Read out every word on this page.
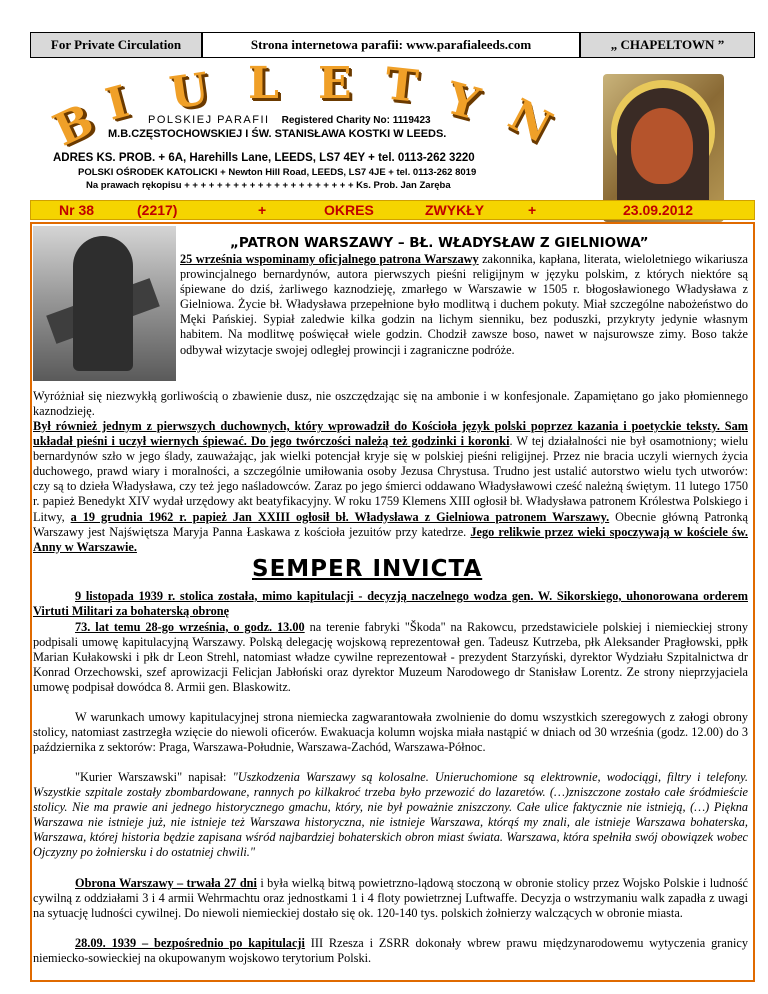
For Private Circulation	Strona internetowa parafii: www.parafialeeds.com	„ CHAPELTOWN ”
B I U L E T Y N
POLSKIEJ PARAFII Registered Charity No: 1119423
M.B.CZĘSTOCHOWSKIEJ I ŚW. STANISŁAWA KOSTKI W LEEDS.
ADRES KS. PROB. + 6A, Harehills Lane, LEEDS, LS7 4EY + tel. 0113-262 3220
POLSKI OŚRODEK KATOLICKI + Newton Hill Road, LEEDS, LS7 4JE + tel. 0113-262 8019
Na prawach rękopisu + + + + + + + + + + + + + + + + + + + + + Ks. Prob. Jan Zaręba
Nr 38	(2217)	+	OKRES	ZWYKŁY	+	23.09.2012
„PATRON WARSZAWY – BŁ. WŁADYSŁAW Z GIELNIOWA”
25 września wspominamy oficjalnego patrona Warszawy zakonnika, kapłana, literata, wieloletniego wikariusza prowincjalnego bernardynów, autora pierwszych pieśni religijnym w języku polskim, z których niektóre są śpiewane do dziś, żarliwego kaznodzieję, zmarłego w Warszawie w 1505 r. błogosławionego Władysława z Gielniowa. Życie bł. Władysława przepełnione było modlitwą i duchem pokuty. Miał szczególne nabożeństwo do Męki Pańskiej. Sypiał zaledwie kilka godzin na lichym sienniku, bez poduszki, przykryty jedynie własnym habitem. Na modlitwę poświęcał wiele godzin. Chodził zawsze boso, nawet w najsurowsze zimy. Boso także odbywał wizytacje swojej odległej prowincji i zagraniczne podróże.
Wyróżniał się niezwykłą gorliwością o zbawienie dusz, nie oszczędzając się na ambonie i w konfesjonale. Zapamiętano go jako płomiennego kaznodzieję.
Był również jednym z pierwszych duchownych, który wprowadził do Kościoła język polski poprzez kazania i poetyckie teksty. Sam układał pieśni i uczył wiernych śpiewać. Do jego twórczości należą też godzinki i koronki. W tej działalności nie był osamotniony; wielu bernardynów szło w jego ślady, zauważając, jak wielki potencjał kryje się w polskiej pieśni religijnej. Przez nie bracia uczyli wiernych życia duchowego, prawd wiary i moralności, a szczególnie umiłowania osoby Jezusa Chrystusa. Trudno jest ustalić autorstwo wielu tych utworów: czy są to dzieła Władysława, czy też jego naśladowców. Zaraz po jego śmierci oddawano Władysławowi cześć należną świętym. 11 lutego 1750 r. papież Benedykt XIV wydał urzędowy akt beatyfikacyjny. W roku 1759 Klemens XIII ogłosił bł. Władysława patronem Królestwa Polskiego i Litwy, a 19 grudnia 1962 r. papież Jan XXIII ogłosił bł. Władysława z Gielniowa patronem Warszawy. Obecnie główną Patronką Warszawy jest Najświętsza Maryja Panna Łaskawa z kościoła jezuitów przy katedrze. Jego relikwie przez wieki spoczywają w kościele św. Anny w Warszawie.
SEMPER INVICTA
9 listopada 1939 r. stolica została, mimo kapitulacji - decyzją naczelnego wodza gen. W. Sikorskiego, uhonorowana orderem Virtuti Militari za bohaterską obronę
73. lat temu 28-go września, o godz. 13.00 na terenie fabryki "Škoda" na Rakowcu, przedstawiciele polskiej i niemieckiej strony podpisali umowę kapitulacyjną Warszawy. Polską delegację wojskową reprezentował gen. Tadeusz Kutrzeba, płk Aleksander Pragłowski, ppłk Marian Kułakowski i płk dr Leon Strehl, natomiast władze cywilne reprezentował - prezydent Starzyński, dyrektor Wydziału Szpitalnictwa dr Konrad Orzechowski, szef aprowizacji Felicjan Jabłoński oraz dyrektor Muzeum Narodowego dr Stanisław Lorentz. Ze strony nieprzyjaciela umowę podpisał dowódca 8. Armii gen. Blaskowitz.
W warunkach umowy kapitulacyjnej strona niemiecka zagwarantowała zwolnienie do domu wszystkich szeregowych z załogi obrony stolicy, natomiast zastrzegła wzięcie do niewoli oficerów. Ewakuacja kolumn wojska miała nastąpić w dniach od 30 września (godz. 12.00) do 3 października z sektorów: Praga, Warszawa-Południe, Warszawa-Zachód, Warszawa-Północ.
"Kurier Warszawski" napisał: "Uszkodzenia Warszawy są kolosalne. Unieruchomione są elektrownie, wodociągi, filtry i telefony. Wszystkie szpitale zostały zbombardowane, rannych po kilkakroć trzeba było przewozić do lazaretów. (…)zniszczone zostało całe śródmieście stolicy. Nie ma prawie ani jednego historycznego gmachu, który, nie był poważnie zniszczony. Całe ulice faktycznie nie istnieją, (…) Piękna Warszawa nie istnieje już, nie istnieje też Warszawa historyczna, nie istnieje Warszawa, którąś my znali, ale istnieje Warszawa bohaterska, Warszawa, której historia będzie zapisana wśród najbardziej bohaterskich obron miast świata. Warszawa, która spełniła swój obowiązek wobec Ojczyzny po żołniersku i do ostatniej chwili."
Obrona Warszawy – trwała 27 dni i była wielką bitwą powietrzno-lądową stoczoną w obronie stolicy przez Wojsko Polskie i ludność cywilną z oddziałami 3 i 4 armii Wehrmachtu oraz jednostkami 1 i 4 floty powietrznej Luftwaffe. Decyzja o wstrzymaniu walk zapadła z uwagi na sytuację ludności cywilnej. Do niewoli niemieckiej dostało się ok. 120-140 tys. polskich żołnierzy walczących w obronie miasta.
28.09. 1939 – bezpośrednio po kapitulacji III Rzesza i ZSRR dokonały wbrew prawu międzynarodowemu wytyczenia granicy niemiecko-sowieckiej na okupowanym wojskowo terytorium Polski.
